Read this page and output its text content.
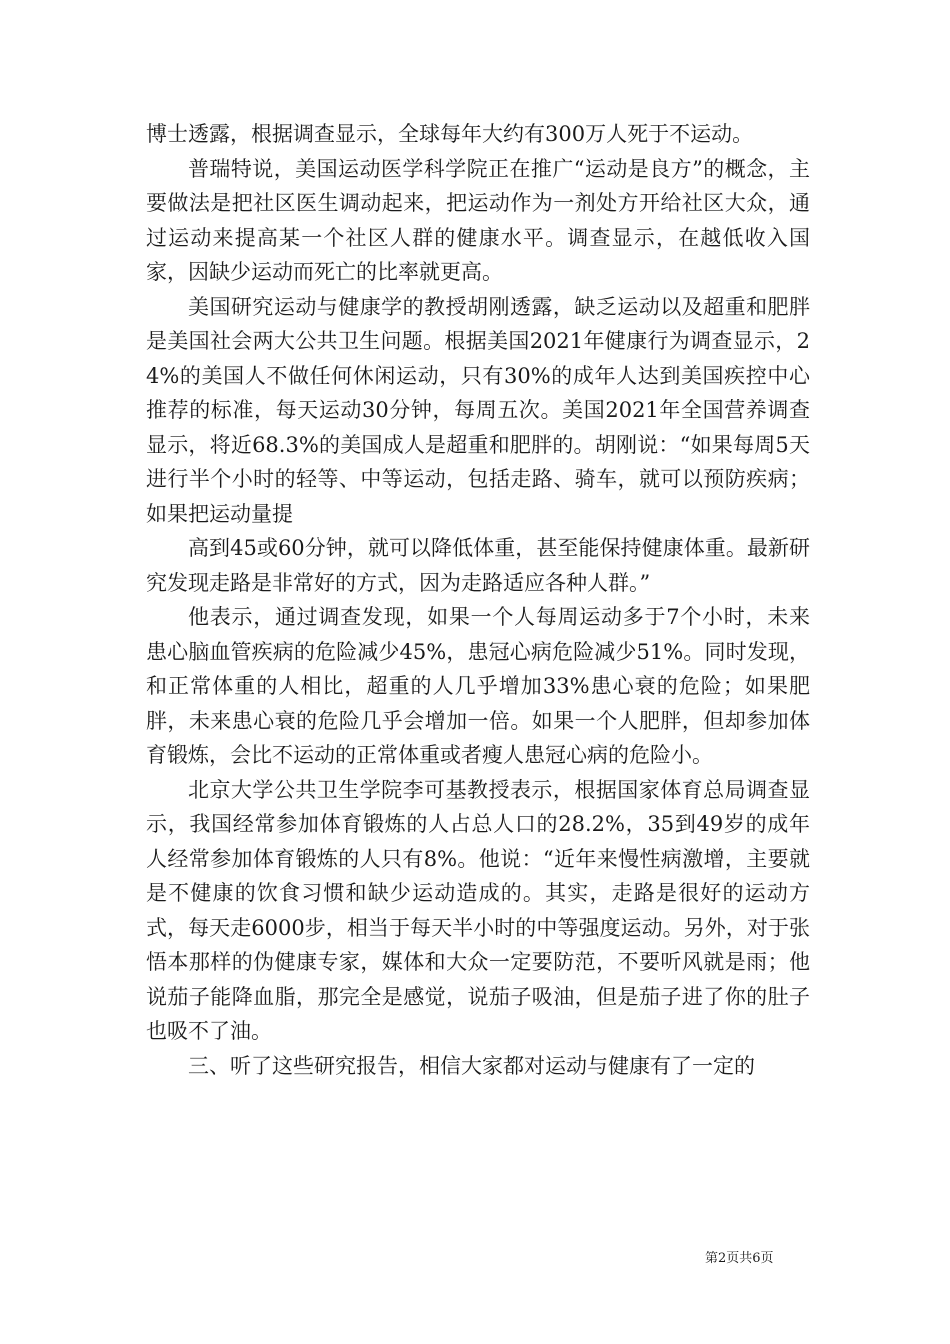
博士透露，根据调查显示，全球每年大约有300万人死于不运动。

普瑞特说，美国运动医学科学院正在推广“运动是良方”的概念，主要做法是把社区医生调动起来，把运动作为一剂处方开给社区大众，通过运动来提高某一个社区人群的健康水平。调查显示，在越低收入国家，因缺少运动而死亡的比率就更高。

美国研究运动与健康学的教授胡刚透露，缺乏运动以及超重和肥胖是美国社会两大公共卫生问题。根据美国2021年健康行为调查显示，24%的美国人不做任何休闲运动，只有30%的成年人达到美国疾控中心推荐的标准，每天运动30分钟，每周五次。美国2021年全国营养调查显示，将近68.3%的美国成人是超重和肥胖的。胡刚说：“如果每周5天进行半个小时的轻等、中等运动，包括走路、骑车，就可以预防疾病；如果把运动量提

高到45或60分钟，就可以降低体重，甚至能保持健康体重。最新研究发现走路是非常好的方式，因为走路适应各种人群。”

他表示，通过调查发现，如果一个人每周运动多于7个小时，未来患心脑血管疾病的危险减少45%，患冠心病危险减少51%。同时发现，和正常体重的人相比，超重的人几乎增加33%患心衰的危险；如果肥胖，未来患心衰的危险几乎会增加一倍。如果一个人肥胖，但却参加体育锻炼，会比不运动的正常体重或者瘦人患冠心病的危险小。

北京大学公共卫生学院李可基教授表示，根据国家体育总局调查显示，我国经常参加体育锻炼的人占总人口的28.2%，35到49岁的成年人经常参加体育锻炼的人只有8%。他说：“近年来慢性病激增，主要就是不健康的饮食习惯和缺少运动造成的。其实，走路是很好的运动方式，每天走6000步，相当于每天半小时的中等强度运动。另外，对于张悟本那样的伪健康专家，媒体和大众一定要防范，不要听风就是雨；他说茄子能降血脂，那完全是感觉，说茄子吸油，但是茄子进了你的肚子也吸不了油。

三、听了这些研究报告，相信大家都对运动与健康有了一定的

第2页共6页
